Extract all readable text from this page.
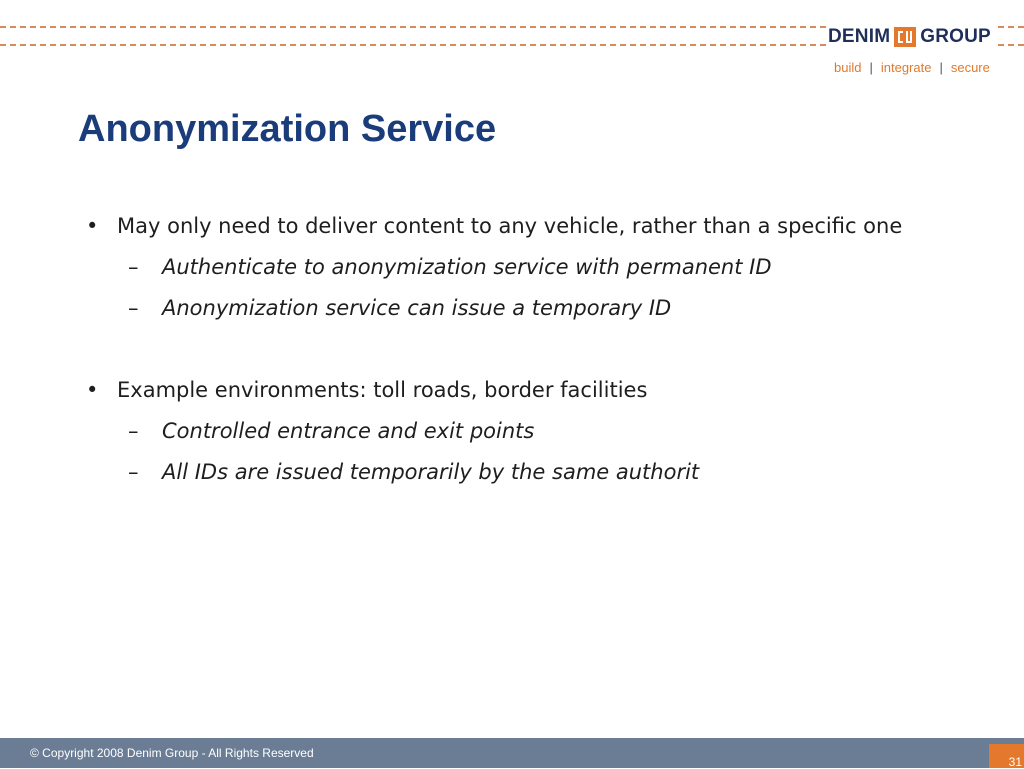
DENIM GROUP
build | integrate | secure
Anonymization Service
• May only need to deliver content to any vehicle, rather than a specific one
–	Authenticate to anonymization service with permanent ID
–	Anonymization service can issue a temporary ID
• Example environments: toll roads, border facilities
–	Controlled entrance and exit points
–	All IDs are issued temporarily by the same authorit
© Copyright 2008 Denim Group - All Rights Reserved
31
